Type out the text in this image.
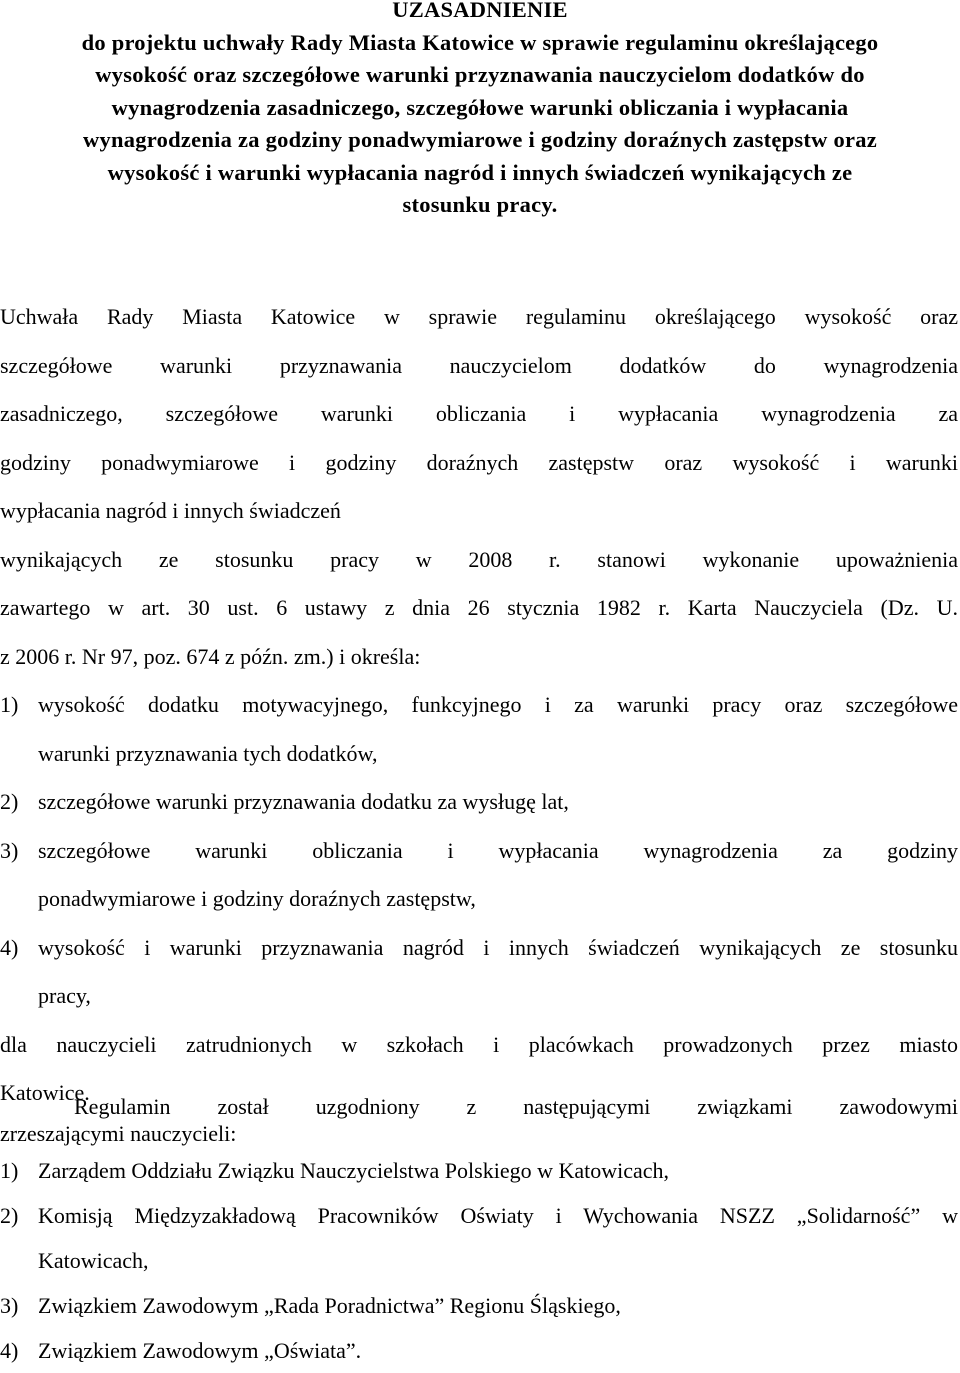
UZASADNIENIE
do projektu uchwały Rady Miasta Katowice w sprawie regulaminu określającego
wysokość oraz szczegółowe warunki przyznawania nauczycielom dodatków do
wynagrodzenia zasadniczego, szczegółowe warunki obliczania i wypłacania
wynagrodzenia za godziny ponadwymiarowe i godziny doraźnych zastępstw oraz
wysokość i warunki wypłacania nagród i innych świadczeń wynikających ze
stosunku pracy.
Uchwała Rady Miasta Katowice w sprawie regulaminu określającego wysokość oraz
szczegółowe warunki przyznawania nauczycielom dodatków do wynagrodzenia
zasadniczego, szczegółowe warunki obliczania i wypłacania wynagrodzenia za
godziny ponadwymiarowe i godziny doraźnych zastępstw oraz wysokość i warunki
wypłacania nagród i innych świadczeń
wynikających ze stosunku pracy w 2008 r. stanowi wykonanie upoważnienia
zawartego w art. 30 ust. 6 ustawy z dnia 26 stycznia 1982 r. Karta Nauczyciela (Dz. U.
z 2006 r. Nr 97, poz. 674 z późn. zm.) i określa:
1) wysokość dodatku motywacyjnego, funkcyjnego i za warunki pracy oraz szczegółowe
warunki przyznawania tych dodatków,
2) szczegółowe warunki przyznawania dodatku za wysługę lat,
3) szczegółowe warunki obliczania i wypłacania wynagrodzenia za godziny
ponadwymiarowe i godziny doraźnych zastępstw,
4) wysokość i warunki przyznawania nagród i innych świadczeń wynikających ze stosunku
pracy,
dla nauczycieli zatrudnionych w szkołach i placówkach prowadzonych przez miasto
Katowice.
Regulamin został uzgodniony z następującymi związkami zawodowymi
zrzeszającymi nauczycieli:
1) Zarządem Oddziału Związku Nauczycielstwa Polskiego w Katowicach,
2) Komisją Międzyzakładową Pracowników Oświaty i Wychowania NSZZ „Solidarność” w
Katowicach,
3) Związkiem Zawodowym „Rada Poradnictwa” Regionu Śląskiego,
4) Związkiem Zawodowym „Oświata”.
